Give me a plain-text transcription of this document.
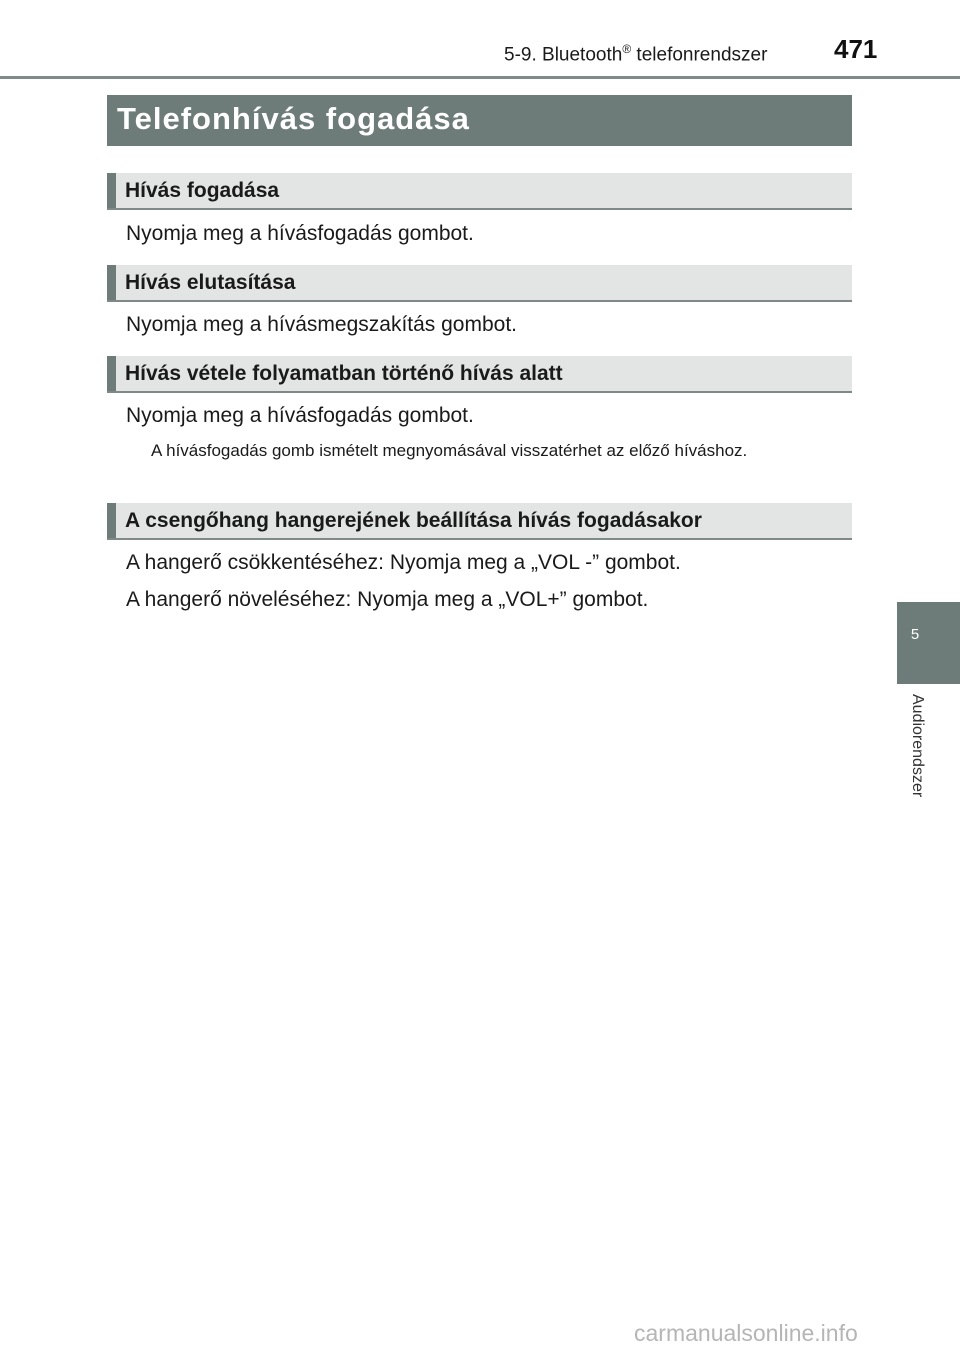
5-9. Bluetooth® telefonrendszer	471
Telefonhívás fogadása
Hívás fogadása
Nyomja meg a hívásfogadás gombot.
Hívás elutasítása
Nyomja meg a hívásmegszakítás gombot.
Hívás vétele folyamatban történő hívás alatt
Nyomja meg a hívásfogadás gombot.
A hívásfogadás gomb ismételt megnyomásával visszatérhet az előző híváshoz.
A csengőhang hangerejének beállítása hívás fogadásakor
A hangerő csökkentéséhez: Nyomja meg a „VOL -” gombot.
A hangerő növeléséhez: Nyomja meg a „VOL+” gombot.
5
Audiorendszer
carmanualsonline.info
